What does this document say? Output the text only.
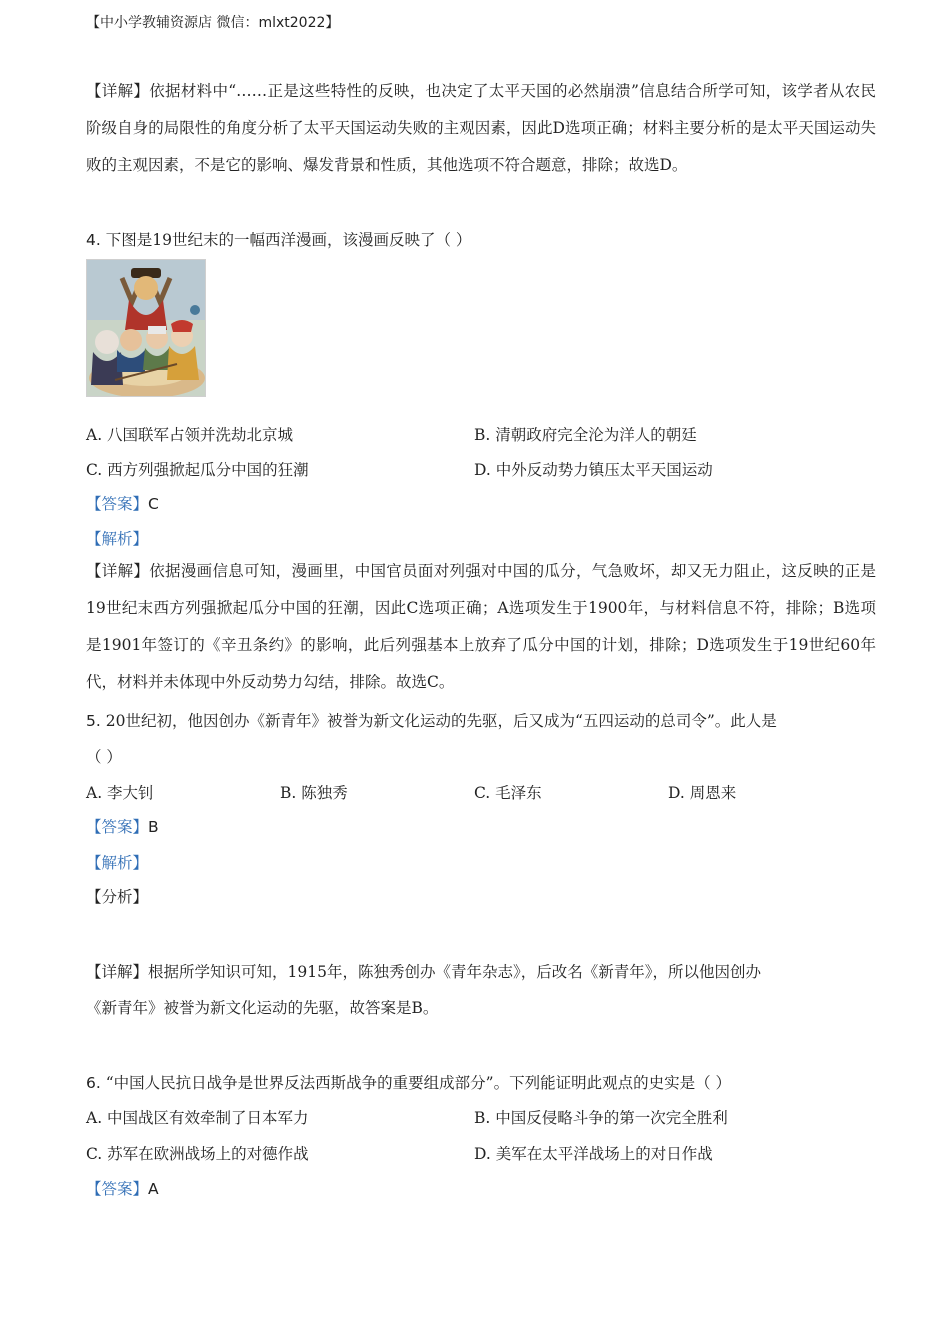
【中小学教辅资源店 微信：mlxt2022】
【详解】依据材料中“……正是这些特性的反映，也决定了太平天国的必然崩溃”信息结合所学可知，该学者从农民阶级自身的局限性的角度分析了太平天国运动失败的主观因素，因此D选项正确；材料主要分析的是太平天国运动失败的主观因素，不是它的影响、爆发背景和性质，其他选项不符合题意，排除；故选D。
4. 下图是19世纪末的一幅西洋漫画，该漫画反映了（ ）
A. 八国联军占领并洗劫北京城	B. 清朝政府完全沦为洋人的朝廷
C. 西方列强掀起瓜分中国的狂潮	D. 中外反动势力镇压太平天国运动
【答案】C
【解析】
【详解】依据漫画信息可知，漫画里，中国官员面对列强对中国的瓜分，气急败坏，却又无力阻止，这反映的正是19世纪末西方列强掀起瓜分中国的狂潮，因此C选项正确；A选项发生于1900年，与材料信息不符，排除；B选项是1901年签订的《辛丑条约》的影响，此后列强基本上放弃了瓜分中国的计划，排除；D选项发生于19世纪60年代，材料并未体现中外反动势力勾结，排除。故选C。
5. 20世纪初，他因创办《新青年》被誉为新文化运动的先驱，后又成为“五四运动的总司令”。此人是
（ ）
A. 李大钊	B. 陈独秀	C. 毛泽东	D. 周恩来
【答案】B
【解析】
【分析】
【详解】根据所学知识可知，1915年，陈独秀创办《青年杂志》，后改名《新青年》，所以他因创办
《新青年》被誉为新文化运动的先驱，故答案是B。
6. “中国人民抗日战争是世界反法西斯战争的重要组成部分”。下列能证明此观点的史实是（ ）
A. 中国战区有效牵制了日本军力	B. 中国反侵略斗争的第一次完全胜利
C. 苏军在欧洲战场上的对德作战	D. 美军在太平洋战场上的对日作战
【答案】A
